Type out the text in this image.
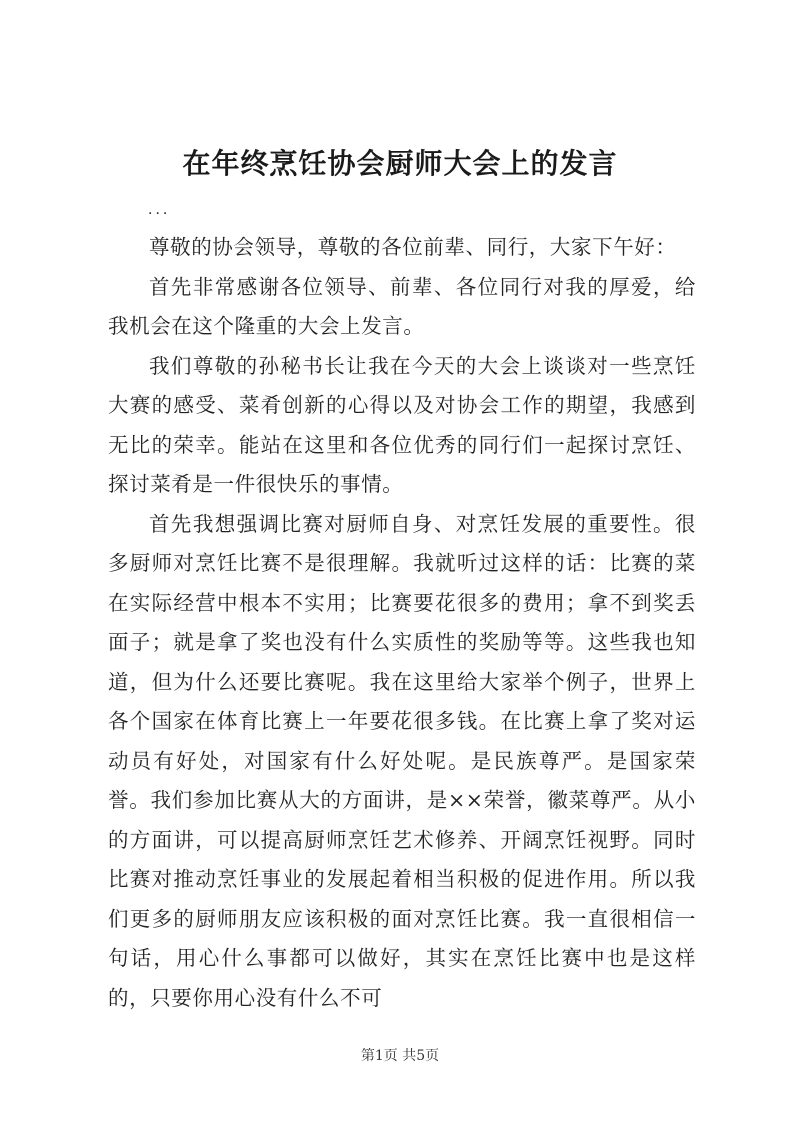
在年终烹饪协会厨师大会上的发言
...

尊敬的协会领导，尊敬的各位前辈、同行，大家下午好：

首先非常感谢各位领导、前辈、各位同行对我的厚爱，给我机会在这个隆重的大会上发言。

我们尊敬的孙秘书长让我在今天的大会上谈谈对一些烹饪大赛的感受、菜肴创新的心得以及对协会工作的期望，我感到无比的荣幸。能站在这里和各位优秀的同行们一起探讨烹饪、探讨菜肴是一件很快乐的事情。

首先我想强调比赛对厨师自身、对烹饪发展的重要性。很多厨师对烹饪比赛不是很理解。我就听过这样的话：比赛的菜在实际经营中根本不实用；比赛要花很多的费用；拿不到奖丢面子；就是拿了奖也没有什么实质性的奖励等等。这些我也知道，但为什么还要比赛呢。我在这里给大家举个例子，世界上各个国家在体育比赛上一年要花很多钱。在比赛上拿了奖对运动员有好处，对国家有什么好处呢。是民族尊严。是国家荣誉。我们参加比赛从大的方面讲，是××荣誉，徽菜尊严。从小的方面讲，可以提高厨师烹饪艺术修养、开阔烹饪视野。同时比赛对推动烹饪事业的发展起着相当积极的促进作用。所以我们更多的厨师朋友应该积极的面对烹饪比赛。我一直很相信一句话，用心什么事都可以做好，其实在烹饪比赛中也是这样的，只要你用心没有什么不可

第1页 共5页
